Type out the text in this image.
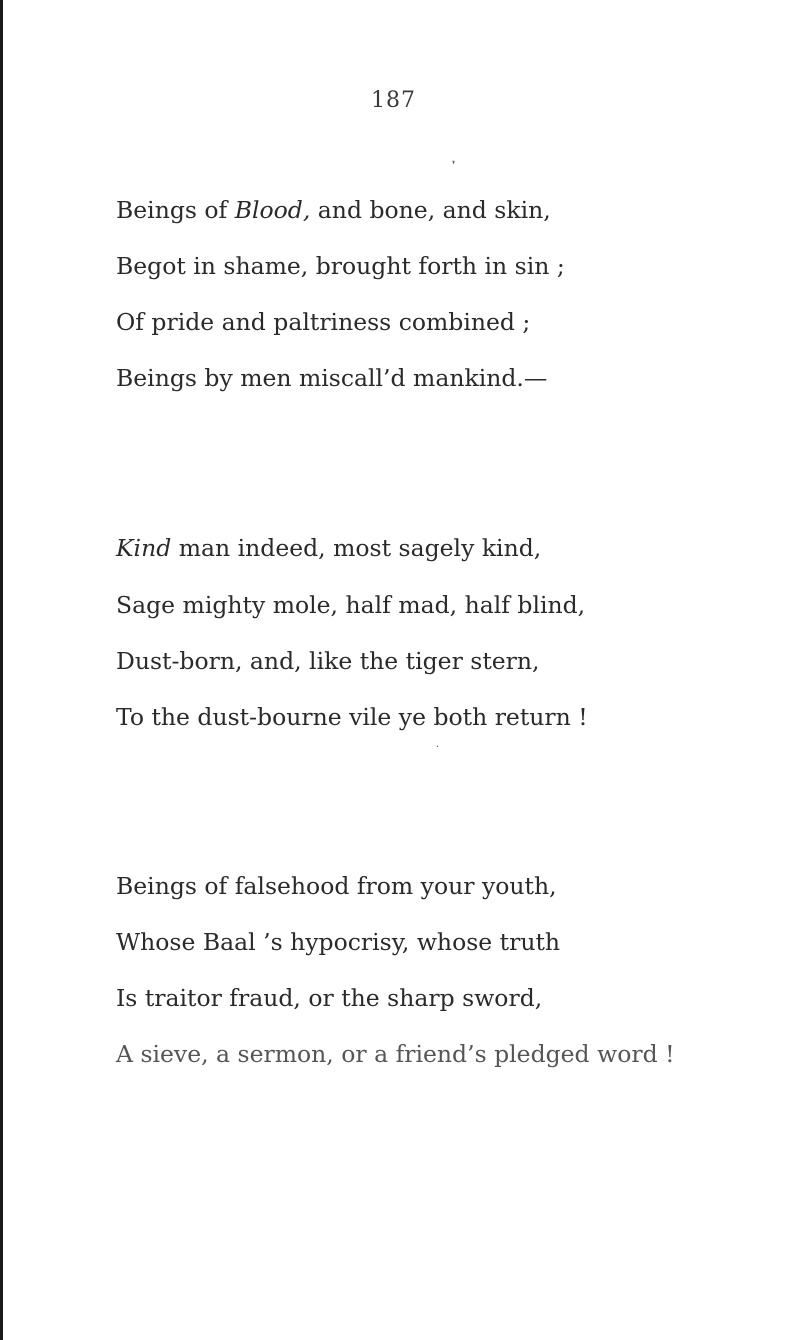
187
❜
Beings of Blood, and bone, and skin,
Begot in shame, brought forth in sin ;
Of pride and paltriness combined ;
Beings by men miscall’d mankind.—
Kind man indeed, most sagely kind,
Sage mighty mole, half mad, half blind,
Dust-born, and, like the tiger stern,
To the dust-bourne vile ye both return !
·
Beings of falsehood from your youth,
Whose Baal ’s hypocrisy, whose truth
Is traitor fraud, or the sharp sword,
A sieve, a sermon, or a friend’s pledged word !
